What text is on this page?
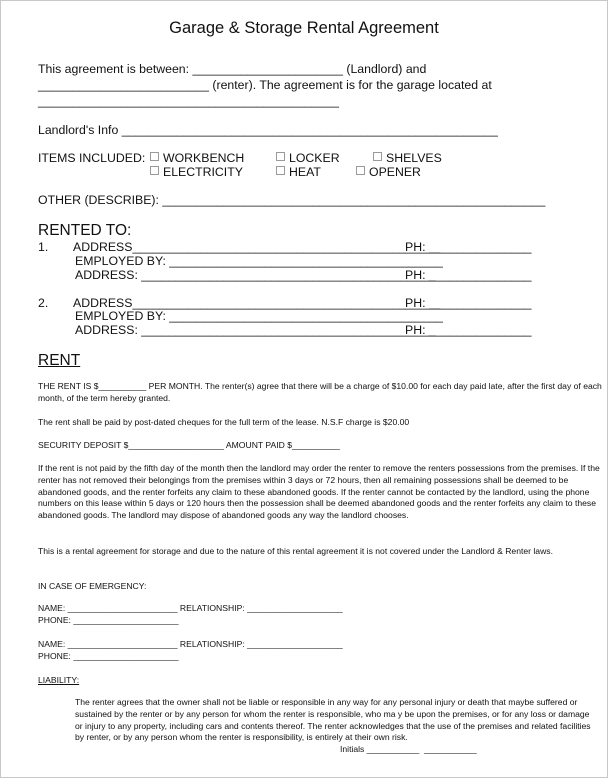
Garage & Storage Rental Agreement
This agreement is between: ______________________ (Landlord) and
_________________________ (renter). The agreement is for the garage located at
____________________________________________
Landlord's Info _______________________________________________________
ITEMS INCLUDED:	WORKBENCH	LOCKER	SHELVES
ELECTRICITY	HEAT	OPENER
OTHER (DESCRIBE): ________________________________________________________
RENTED TO:
1. ADDRESS_____________________________________________
PH: _______________
EMPLOYED BY: ________________________________________
ADDRESS: ___________________________________________
PH: _______________
2. ADDRESS_____________________________________________
PH: _______________
EMPLOYED BY: ________________________________________
ADDRESS: ___________________________________________
PH: _______________
RENT
THE RENT IS $__________ PER MONTH. The renter(s) agree that there will be a charge of $10.00 for each day paid late, after the first day of each month, of the term hereby granted.
The rent shall be paid by post-dated cheques for the full term of the lease. N.S.F charge is $20.00
SECURITY DEPOSIT $____________________ AMOUNT PAID $__________
If the rent is not paid by the fifth day of the month then the landlord may order the renter to remove the renters possessions from the premises. If the renter has not removed their belongings from the premises within 3 days or 72 hours, then all remaining possessions shall be deemed to be abandoned goods, and the renter forfeits any claim to these abandoned goods. If the renter cannot be contacted by the landlord, using the phone numbers on this lease within 5 days or 120 hours then the possession shall be deemed abandoned goods and the renter forfeits any claim to these abandoned goods. The landlord may dispose of abandoned goods any way the landlord chooses.
This is a rental agreement for storage and due to the nature of this rental agreement it is not covered under the Landlord & Renter laws.
IN CASE OF EMERGENCY:
NAME: _______________________ RELATIONSHIP: ____________________
PHONE: ______________________
NAME: _______________________ RELATIONSHIP: ____________________
PHONE: ______________________
LIABILITY:
The renter agrees that the owner shall not be liable or responsible in any way for any personal injury or death that maybe suffered or sustained by the renter or by any person for whom the renter is responsible, who ma y be upon the premises, or for any loss or damage or injury to any property, including cars and contents thereof. The renter acknowledges that the use of the premises and related facilities by renter, or by any person whom the renter is responsibility, is entirely at their own risk.
Initials ___________  ___________
